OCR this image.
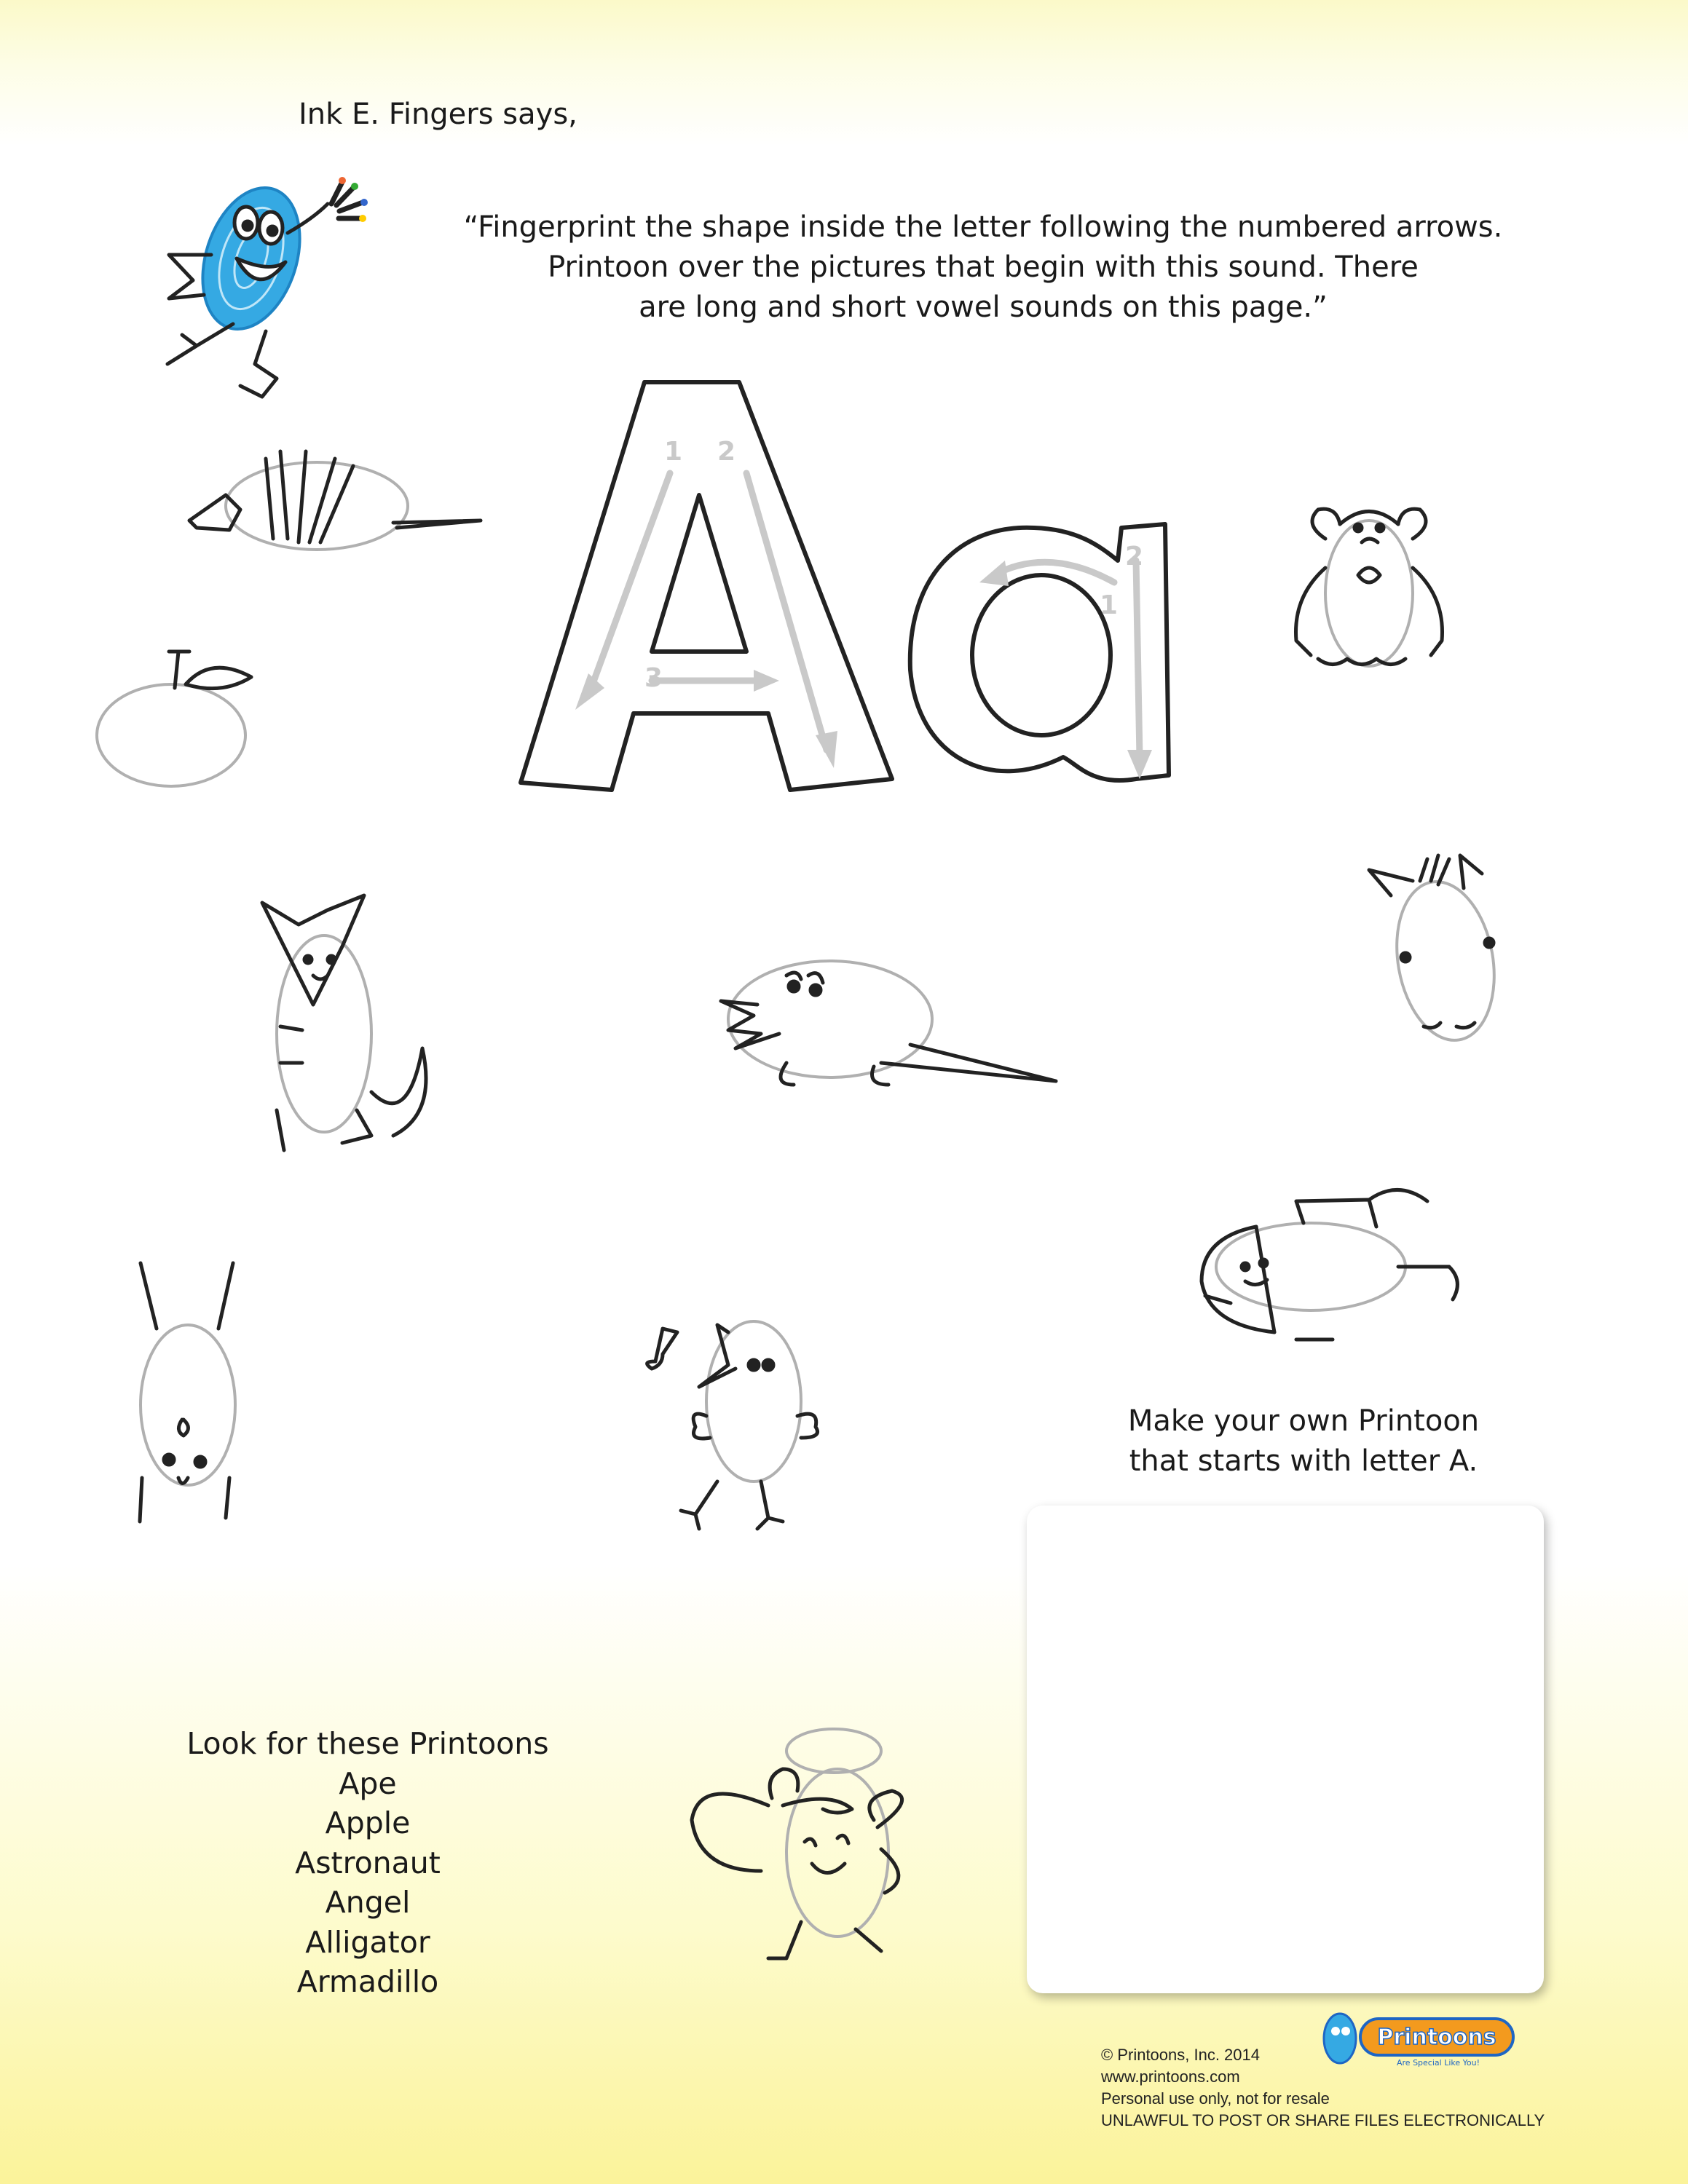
1 2
3
1
2
Ink E. Fingers says,
“Fingerprint the shape inside the letter following the numbered arrows.
Printoon over the pictures that begin with this sound. There
are long and short vowel sounds on this page.”
Make your own Printoon
that starts with letter A.
Look for these Printoons
Ape
Apple
Astronaut
Angel
Alligator
Armadillo
© Printoons, Inc. 2014
www.printoons.com
Personal use only, not for resale
UNLAWFUL TO POST OR SHARE FILES ELECTRONICALLY
Printoons
Are Special Like You!
